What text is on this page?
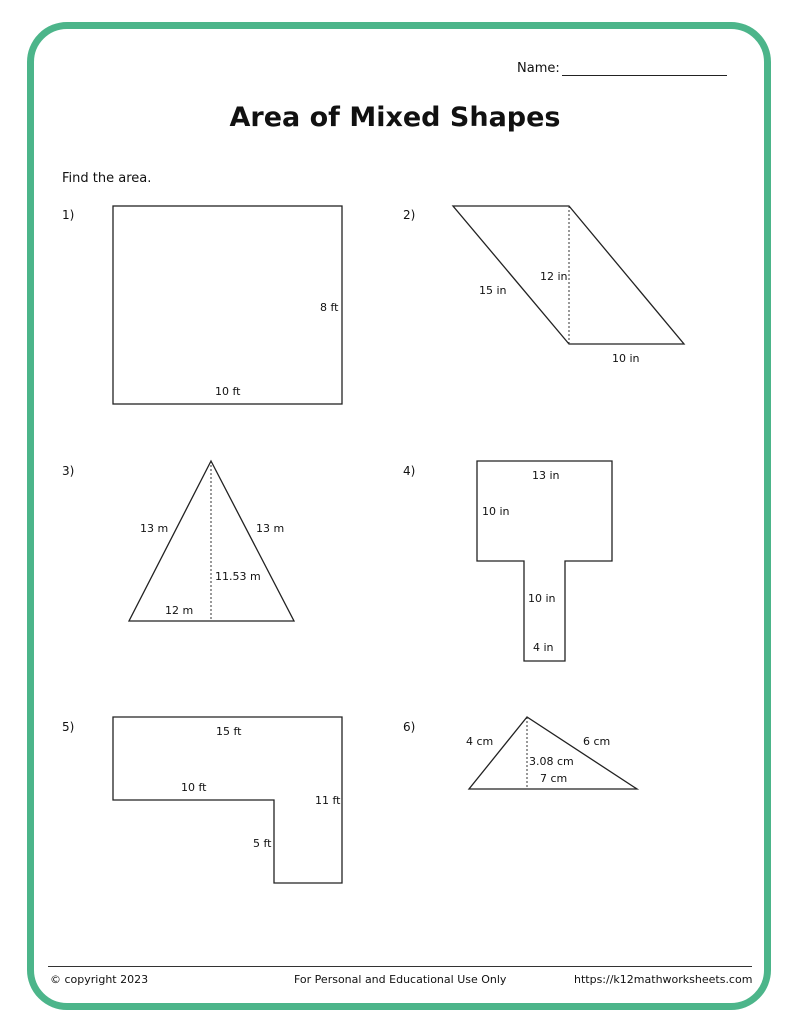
Name:
Area of Mixed Shapes
Find the area.
1)	2)
3)	4)
5)	6)
8 ft
10 ft
15 in
12 in
10 in
13 m	13 m
11.53 m
12 m
13 in
10 in
10 in
4 in
15 ft
10 ft
11 ft
5 ft
4 cm	6 cm
3.08 cm
7 cm
© copyright 2023	For Personal and Educational Use Only	https://k12mathworksheets.com
